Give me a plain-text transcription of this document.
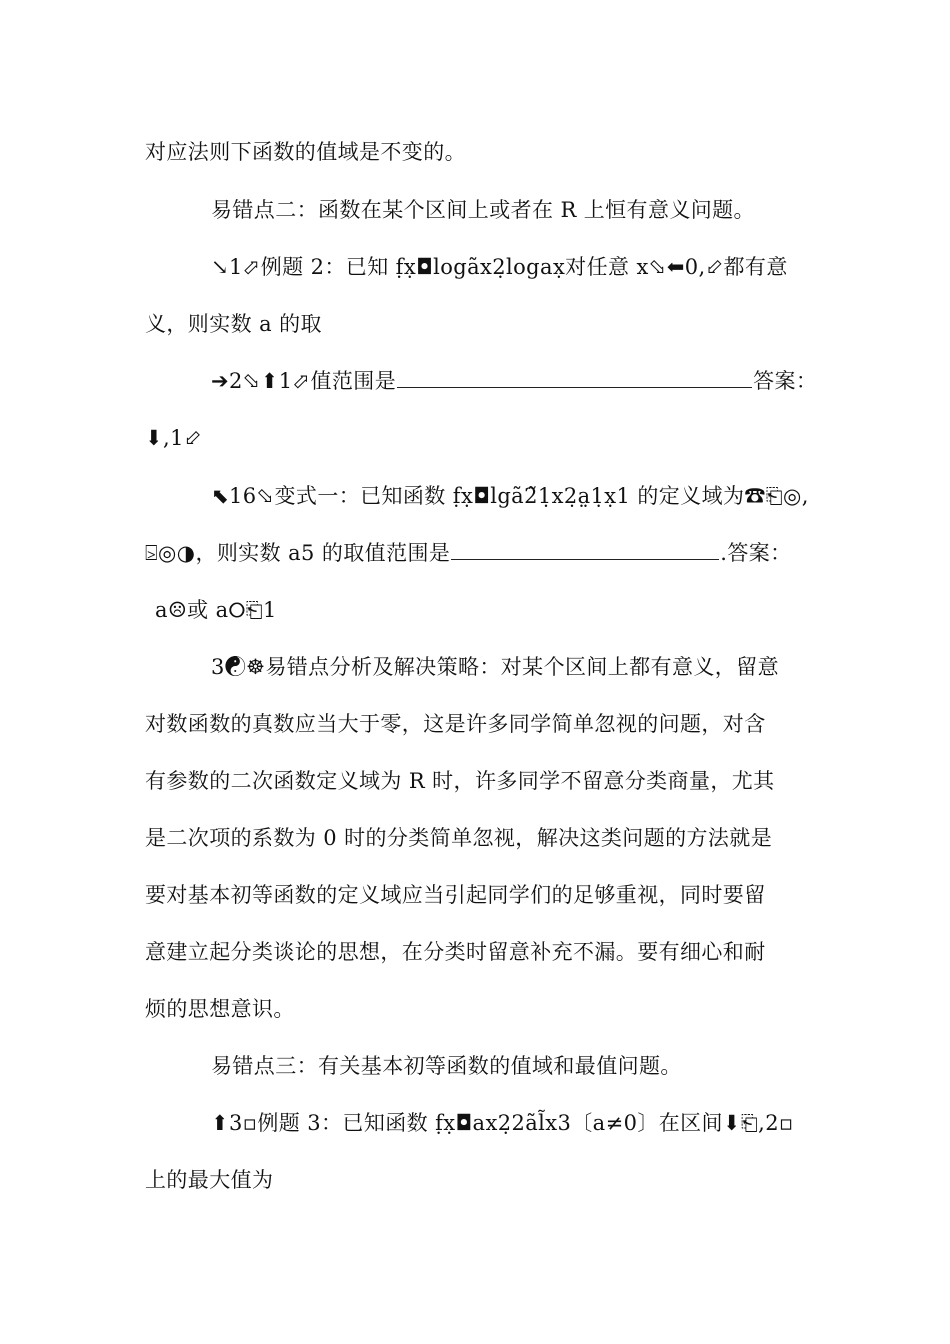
对应法则下函数的值域是不变的。
易错点二：函数在某个区间上或者在 R 上恒有意义问题。
↘1⬀例题 2：已知 f̣x̣◘logãx2̣logax̣对任意 x⬂⬅0,⬃都有意
义，则实数 a 的取
➔2⬂⬆1⬀值范围是	答案：
⬇,1⬃
⬉16⬂变式一：已知函数 f̣x̣◘lgã2̃1̣x2̣a̤1̣x̣1 的定义域为☎⎗◎,
⍄◎◑，则实数 a5 的取值范围是	.答案：
a☹或 a⭘⎗1
3☯☸易错点分析及解决策略：对某个区间上都有意义，留意
对数函数的真数应当大于零，这是许多同学简单忽视的问题，对含
有参数的二次函数定义域为 R 时，许多同学不留意分类商量，尤其
是二次项的系数为 0 时的分类简单忽视，解决这类问题的方法就是
要对基本初等函数的定义域应当引起同学们的足够重视，同时要留
意建立起分类谈论的思想，在分类时留意补充不漏。要有细心和耐
烦的思想意识。
易错点三：有关基本初等函数的值域和最值问题。
⬆3▫例题 3：已知函数 f̣x̣◘ax2̣2ãl̃x3〔a≠0〕在区间⬇⎗,2▫
上的最大值为
